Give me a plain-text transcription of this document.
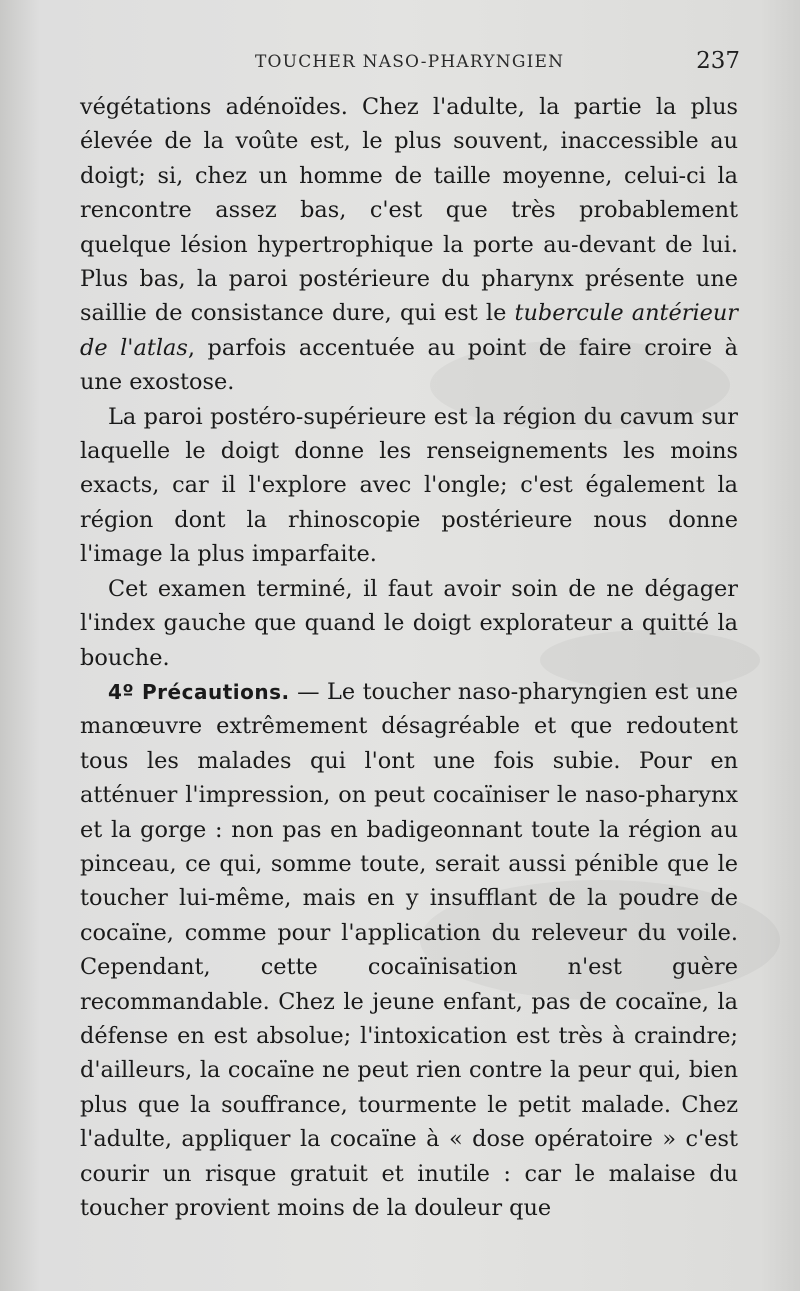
TOUCHER NASO-PHARYNGIEN	237

végétations adénoïdes. Chez l'adulte, la partie la plus élevée de la voûte est, le plus souvent, inaccessible au doigt; si, chez un homme de taille moyenne, celui-ci la rencontre assez bas, c'est que très probablement quelque lésion hypertrophique la porte au-devant de lui. Plus bas, la paroi postérieure du pharynx présente une saillie de consistance dure, qui est le tubercule antérieur de l'atlas, parfois accentuée au point de faire croire à une exostose.

La paroi postéro-supérieure est la région du cavum sur laquelle le doigt donne les renseignements les moins exacts, car il l'explore avec l'ongle; c'est également la région dont la rhinoscopie postérieure nous donne l'image la plus imparfaite.

Cet examen terminé, il faut avoir soin de ne dégager l'index gauche que quand le doigt explorateur a quitté la bouche.

4º Précautions. — Le toucher naso-pharyngien est une manœuvre extrêmement désagréable et que redoutent tous les malades qui l'ont une fois subie. Pour en atténuer l'impression, on peut cocaïniser le naso-pharynx et la gorge : non pas en badigeonnant toute la région au pinceau, ce qui, somme toute, serait aussi pénible que le toucher lui-même, mais en y insufflant de la poudre de cocaïne, comme pour l'application du releveur du voile. Cependant, cette cocaïnisation n'est guère recommandable. Chez le jeune enfant, pas de cocaïne, la défense en est absolue; l'intoxication est très à craindre; d'ailleurs, la cocaïne ne peut rien contre la peur qui, bien plus que la souffrance, tourmente le petit malade. Chez l'adulte, appliquer la cocaïne à « dose opératoire » c'est courir un risque gratuit et inutile : car le malaise du toucher provient moins de la douleur que
